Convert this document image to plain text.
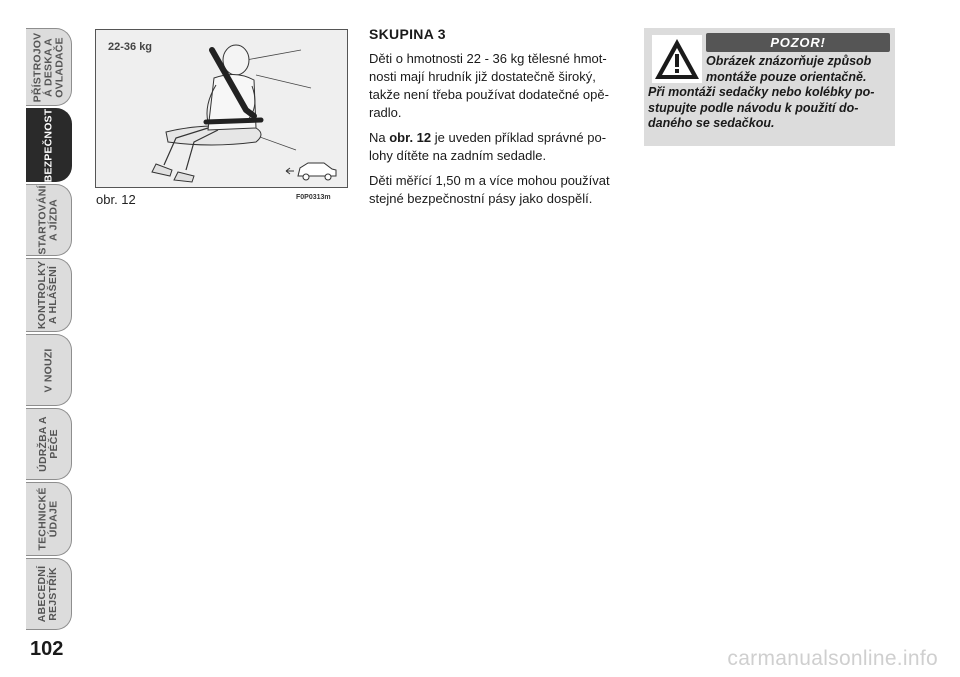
PŘÍSTROJOV
Á DESKA A
OVLADAČE
BEZPEČNOST
STARTOVÁNÍ
A JÍZDA
KONTROLKY
A HLÁŠENÍ
V NOUZI
ÚDRŽBA A
PÉČE
TECHNICKÉ
ÚDAJE
ABECEDNÍ
REJSTŘÍK
102
22-36 kg
obr. 12	F0P0313m
SKUPINA 3

Děti o hmotnosti 22 - 36 kg tělesné hmot-nosti mají hrudník již dostatečně široký, takže není třeba používat dodatečné opě-radlo.

Na obr. 12 je uveden příklad správné po-lohy dítěte na zadním sedadle.

Děti měřící 1,50 m a více mohou používat stejné bezpečnostní pásy jako dospělí.

POZOR!
Obrázek znázorňuje způsob
montáže pouze orientačně.
Při montáži sedačky nebo kolébky po-stupujte podle návodu k použití do-daného se sedačkou.
carmanualsonline.info
